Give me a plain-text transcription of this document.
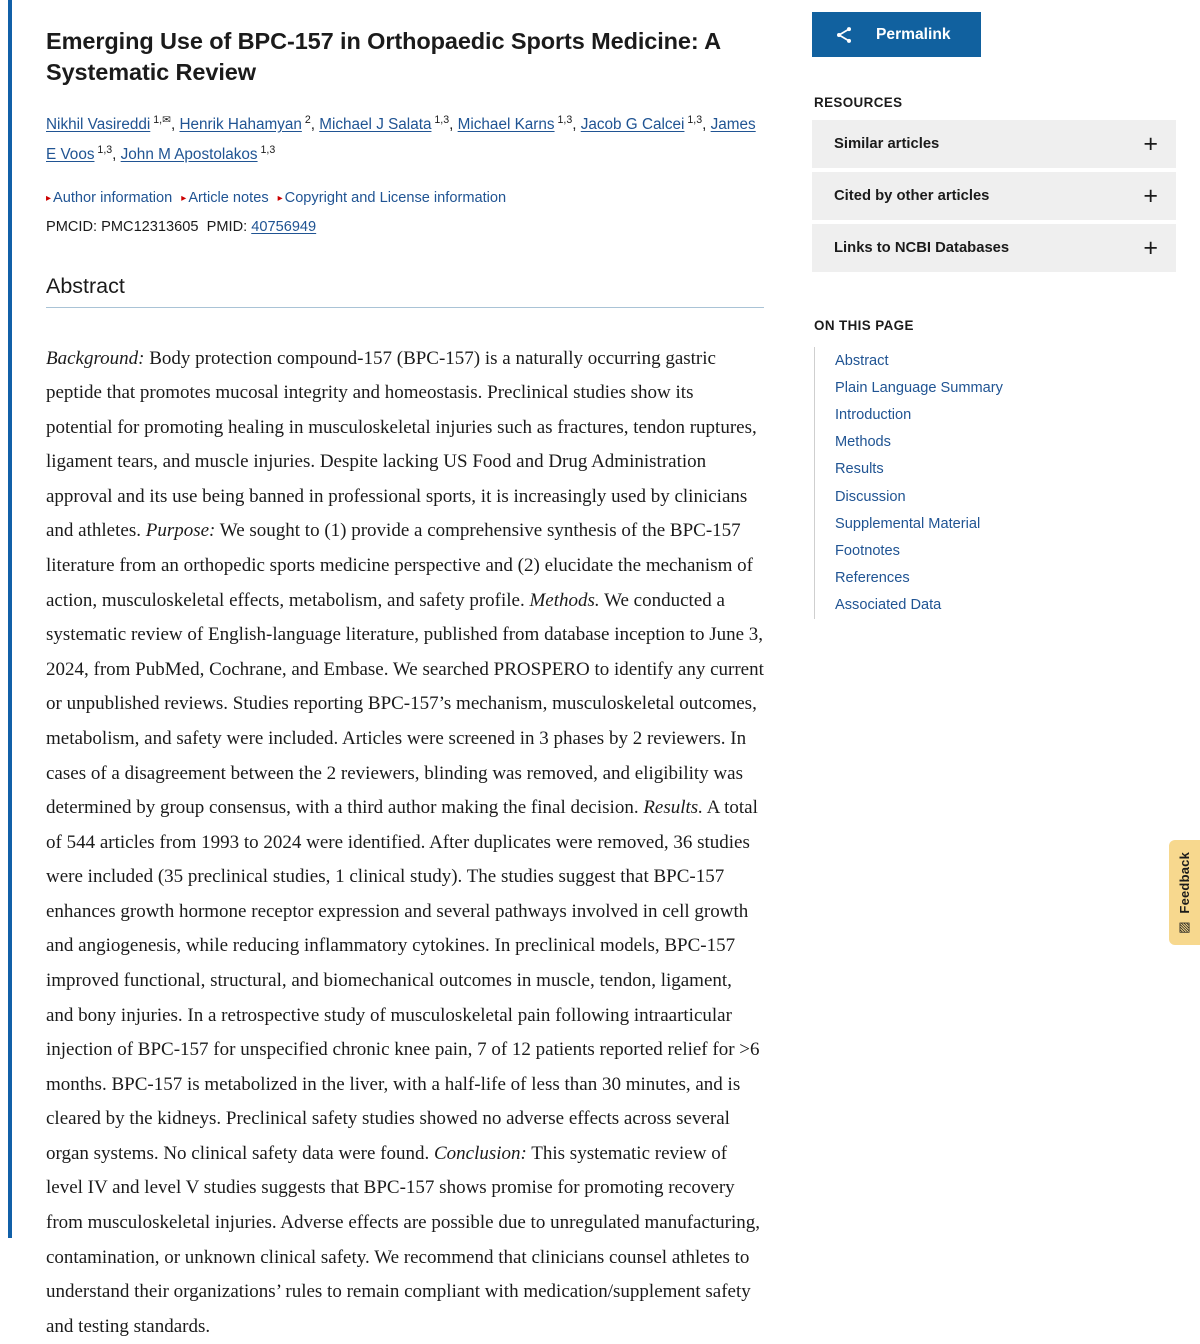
Emerging Use of BPC-157 in Orthopaedic Sports Medicine: A Systematic Review
Nikhil Vasireddi $^{1,✉}$, Henrik Hahamyan $^2$, Michael J Salata $^{1,3}$, Michael Karns $^{1,3}$, Jacob G Calcei $^{1,3}$, James E Voos $^{1,3}$, John M Apostolakos $^{1,3}$
▸ Author information ▸ Article notes ▸ Copyright and License information
PMCID: PMC12313605 PMID: 40756949
Abstract
Background: Body protection compound-157 (BPC-157) is a naturally occurring gastric peptide that promotes mucosal integrity and homeostasis. Preclinical studies show its potential for promoting healing in musculoskeletal injuries such as fractures, tendon ruptures, ligament tears, and muscle injuries. Despite lacking US Food and Drug Administration approval and its use being banned in professional sports, it is increasingly used by clinicians and athletes. Purpose: We sought to (1) provide a comprehensive synthesis of the BPC-157 literature from an orthopedic sports medicine perspective and (2) elucidate the mechanism of action, musculoskeletal effects, metabolism, and safety profile. Methods. We conducted a systematic review of English-language literature, published from database inception to June 3, 2024, from PubMed, Cochrane, and Embase. We searched PROSPERO to identify any current or unpublished reviews. Studies reporting BPC-157’s mechanism, musculoskeletal outcomes, metabolism, and safety were included. Articles were screened in 3 phases by 2 reviewers. In cases of a disagreement between the 2 reviewers, blinding was removed, and eligibility was determined by group consensus, with a third author making the final decision. Results. A total of 544 articles from 1993 to 2024 were identified. After duplicates were removed, 36 studies were included (35 preclinical studies, 1 clinical study). The studies suggest that BPC-157 enhances growth hormone receptor expression and several pathways involved in cell growth and angiogenesis, while reducing inflammatory cytokines. In preclinical models, BPC-157 improved functional, structural, and biomechanical outcomes in muscle, tendon, ligament, and bony injuries. In a retrospective study of musculoskeletal pain following intraarticular injection of BPC-157 for unspecified chronic knee pain, 7 of 12 patients reported relief for >6 months. BPC-157 is metabolized in the liver, with a half-life of less than 30 minutes, and is cleared by the kidneys. Preclinical safety studies showed no adverse effects across several organ systems. No clinical safety data were found. Conclusion: This systematic review of level IV and level V studies suggests that BPC-157 shows promise for promoting recovery from musculoskeletal injuries. Adverse effects are possible due to unregulated manufacturing, contamination, or unknown clinical safety. We recommend that clinicians counsel athletes to understand their organizations’ rules to remain compliant with medication/supplement safety and testing standards.
Permalink
RESOURCES
Similar articles	+
Cited by other articles	+
Links to NCBI Databases	+
ON THIS PAGE
Abstract
Plain Language Summary
Introduction
Methods
Results
Discussion
Supplemental Material
Footnotes
References
Associated Data
Feedback
▧
